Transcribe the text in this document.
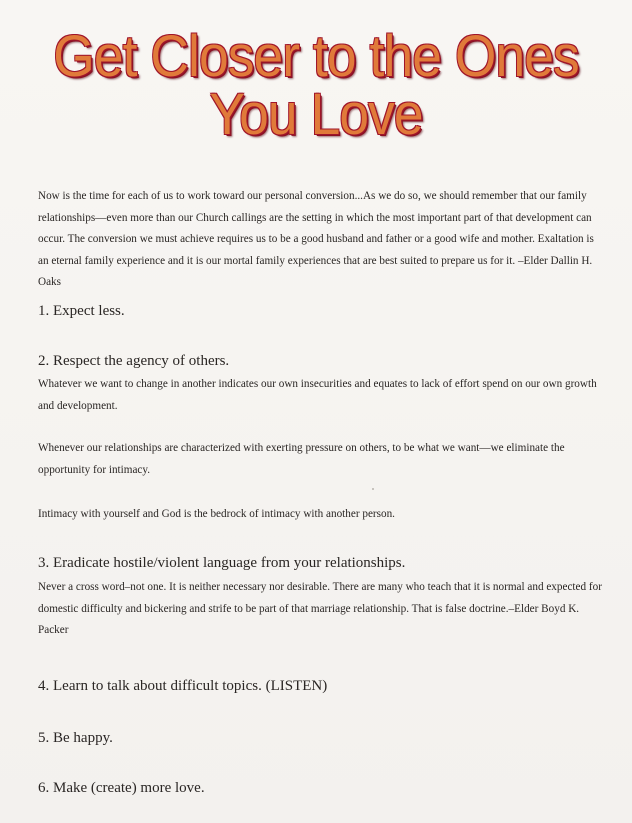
Get Closer to the Ones
You Love

Now is the time for each of us to work toward our personal conversion...As we do so, we should remember that our family relationships—even more than our Church callings are the setting in which the most important part of that development can occur. The conversion we must achieve requires us to be a good husband and father or a good wife and mother. Exaltation is an eternal family experience and it is our mortal family experiences that are best suited to prepare us for it. –Elder Dallin H. Oaks

1. Expect less.
2. Respect the agency of others.

Whatever we want to change in another indicates our own insecurities and equates to lack of effort spend on our own growth and development.

Whenever our relationships are characterized with exerting pressure on others, to be what we want—we eliminate the opportunity for intimacy.

Intimacy with yourself and God is the bedrock of intimacy with another person.

3. Eradicate hostile/violent language from your relationships.

Never a cross word–not one. It is neither necessary nor desirable. There are many who teach that it is normal and expected for domestic difficulty and bickering and strife to be part of that marriage relationship. That is false doctrine.–Elder Boyd K. Packer

4. Learn to talk about difficult topics. (LISTEN)
5. Be happy.
6. Make (create) more love.
